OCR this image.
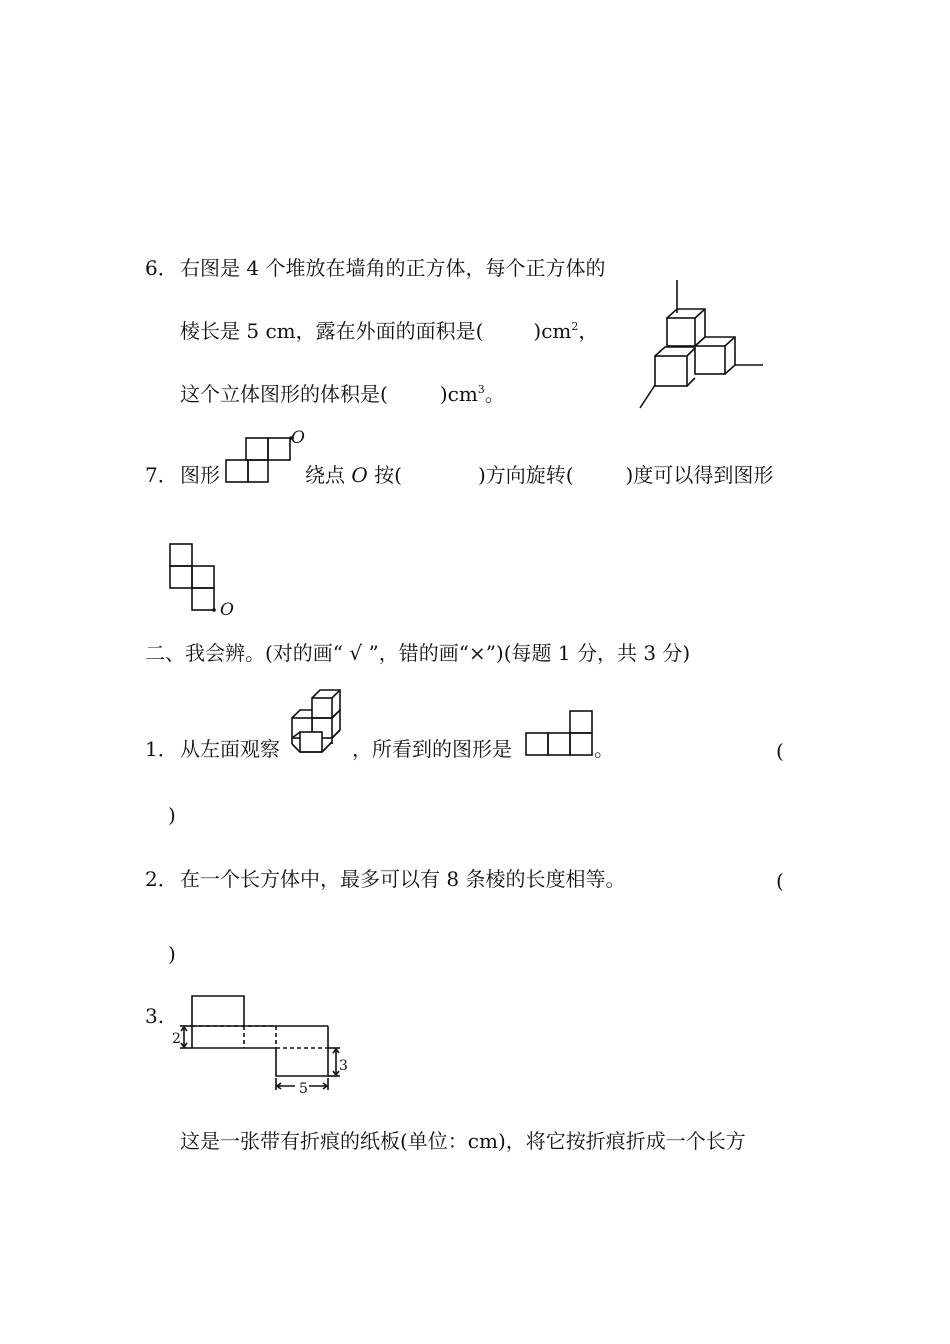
6． 右图是 4 个堆放在墙角的正方体，每个正方体的
棱长是 5 cm，露在外面的面积是(	)$cm^2$，
这个立体图形的体积是(	)$cm^3$。
7． 图形
O
绕点 O 按(	)方向旋转(	)度可以得到图形
O
二、我会辨。(对的画“ √ ”，错的画“×”)(每题 1 分，共 3 分)
1． 从左面观察	，所看到的图形是	。	(
)
2． 在一个长方体中，最多可以有 8 条棱的长度相等。	(
)
3.
2
3
5
这是一张带有折痕的纸板(单位：cm)，将它按折痕折成一个长方
